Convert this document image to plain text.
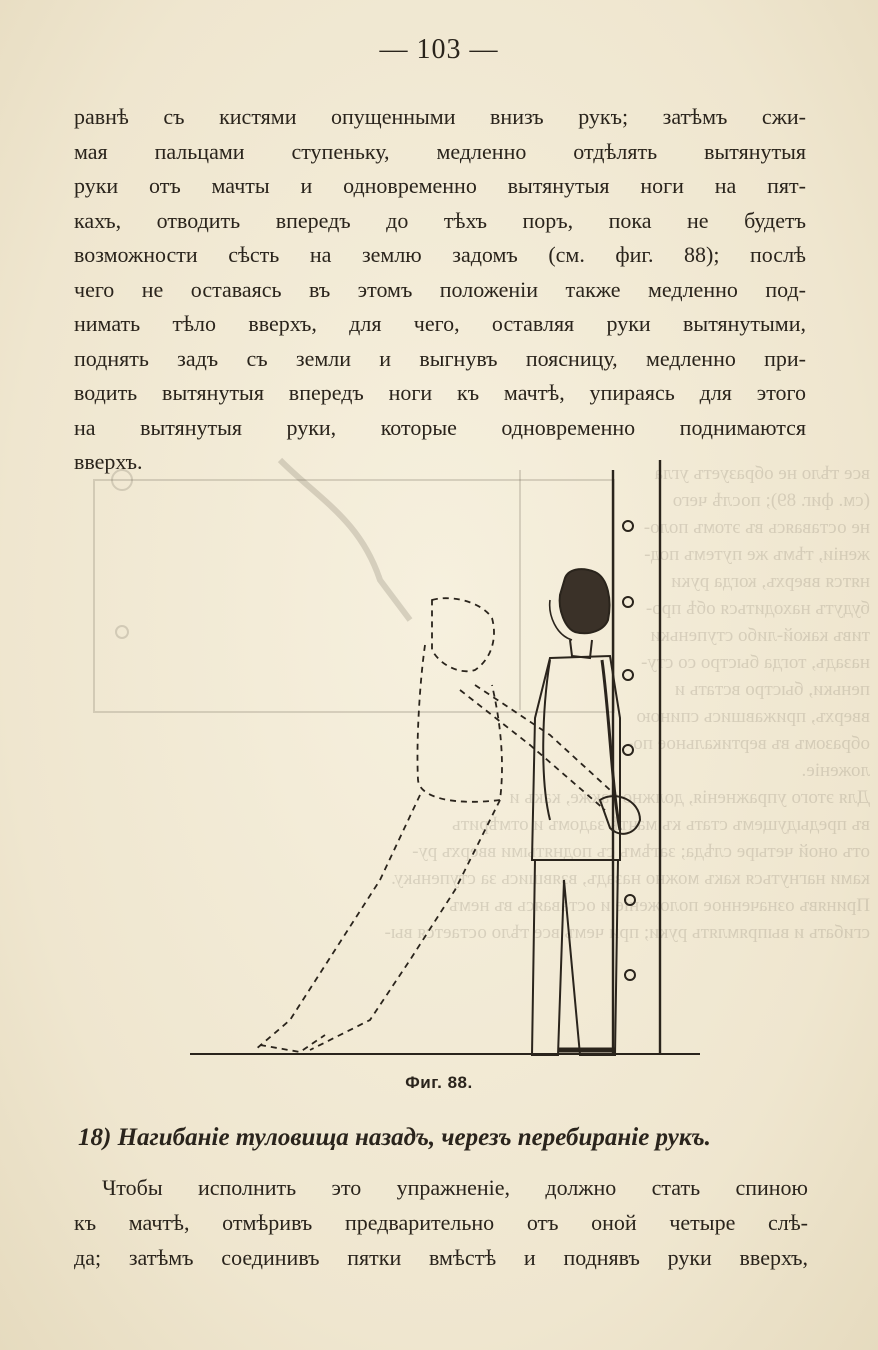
все тѣло не образуетъ угла
(см. фиг. 89); послѣ чего
не оставаясь въ этомъ поло-
женіи, тѣмъ же путемъ под-
нятся вверхъ, когда руки
будутъ находиться обѣ про-
тивъ какой-либо ступеньки
назадъ, тогда быстро со сту-
пеньки, быстро встать и
вверхъ, прижавшись спиною
образомъ въ вертикальное по-
ложеніе.
Для этого упражненія, должно также, какъ и
въ предыдущемъ стать къ мачтѣ задомъ и отмѣрить
отъ оной четыре слѣда; затѣмъ съ поднятыми вверхъ ру-
ками нагнуться какъ можно назадъ, взявшись за ступеньку.
Принявъ означенное положеніе и оставаясь въ немъ
сгибать и выпрямлять руки; при чемъ все тѣло остается вы-
— 103 —
равнѣ съ кистями опущенными внизъ рукъ; затѣмъ сжи-
мая пальцами ступеньку, медленно отдѣлять вытянутыя
руки отъ мачты и одновременно вытянутыя ноги на пят-
кахъ, отводить впередъ до тѣхъ поръ, пока не будетъ
возможности сѣсть на землю задомъ (см. фиг. 88); послѣ
чего не оставаясь въ этомъ положеніи также медленно под-
нимать тѣло вверхъ, для чего, оставляя руки вытянутыми,
поднять задъ съ земли и выгнувъ поясницу, медленно при-
водить вытянутыя впередъ ноги къ мачтѣ, упираясь для этого
на вытянутыя руки, которые одновременно поднимаются
вверхъ.
Фиг. 88.
18) Нагибаніе туловища назадъ, черезъ перебираніе рукъ.
Чтобы исполнить это упражненіе, должно стать спиною
къ мачтѣ, отмѣривъ предварительно отъ оной четыре слѣ-
да; затѣмъ соединивъ пятки вмѣстѣ и поднявъ руки вверхъ,
